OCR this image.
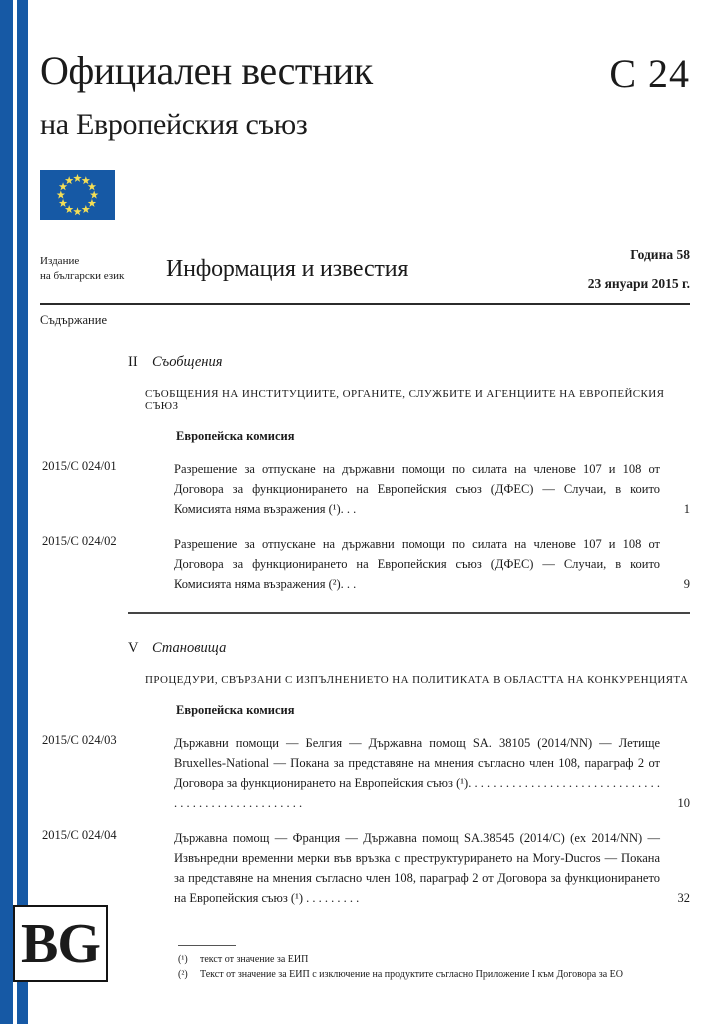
Официален вестник	C 24
на Европейския съюз
Издание
на български език	Информация и известия
Година 58
23 януари 2015 г.
Съдържание
II Съобщения
СЪОБЩЕНИЯ НА ИНСТИТУЦИИТЕ, ОРГАНИТЕ, СЛУЖБИТЕ И АГЕНЦИИТЕ НА ЕВРОПЕЙСКИЯ СЪЮЗ
Европейска комисия
2015/C 024/01	Разрешение за отпускане на държавни помощи по силата на членове 107 и 108 от Договора за функционирането на Европейския съюз (ДФЕС) — Случаи, в които Комисията няма възражения (¹). . .	1
2015/C 024/02	Разрешение за отпускане на държавни помощи по силата на членове 107 и 108 от Договора за функционирането на Европейския съюз (ДФЕС) — Случаи, в които Комисията няма възражения (²). . .	9
V Становища
ПРОЦЕДУРИ, СВЪРЗАНИ С ИЗПЪЛНЕНИЕТО НА ПОЛИТИКАТА В ОБЛАСТТА НА КОНКУРЕНЦИЯТА
Европейска комисия
2015/C 024/03	Държавни помощи — Белгия — Държавна помощ SA. 38105 (2014/NN) — Летище Bruxelles-National — Покана за представяне на мнения съгласно член 108, параграф 2 от Договора за функционирането на Европейския съюз (¹). . . . . . . . . . . . . . . . . . . . . . . . . . . . . . . . . . . . . . . . . . . . . . . . . . . .	10
2015/C 024/04	Държавна помощ — Франция — Държавна помощ SA.38545 (2014/C) (ex 2014/NN) — Извънредни временни мерки във връзка с преструктурирането на Mory-Ducros — Покана за представяне на мнения съгласно член 108, параграф 2 от Договора за функционирането на Европейския съюз (¹) . . . . . . . . .	32
BG	(¹)	текст от значение за ЕИП
(²)	Текст от значение за ЕИП с изключение на продуктите съгласно Приложение I към Договора за ЕО
